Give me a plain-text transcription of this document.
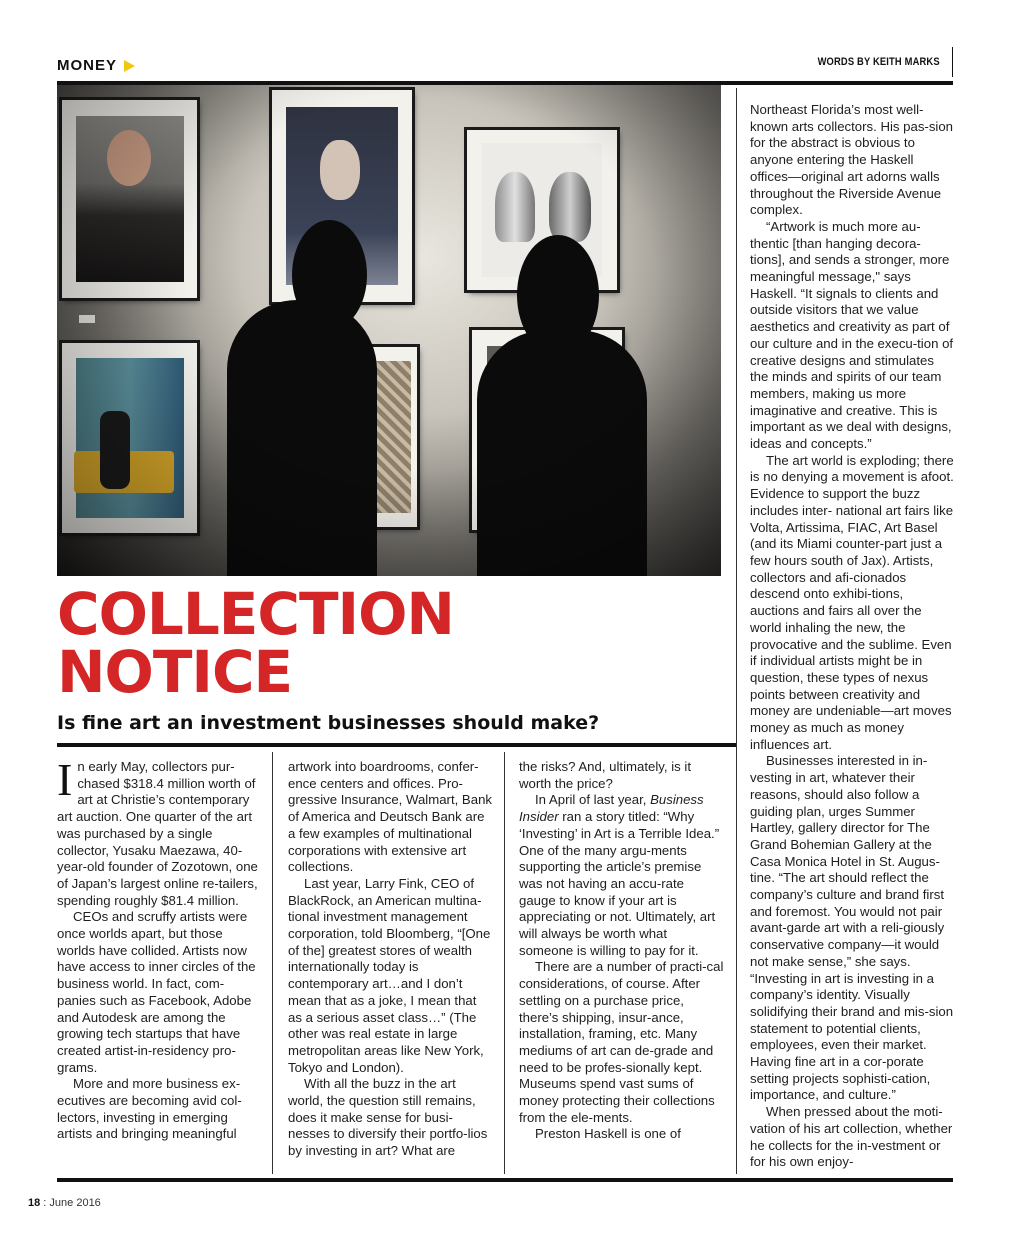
MONEY	WORDS BY KEITH MARKS
COLLECTION
NOTICE
Is fine art an investment businesses should make?

In early May, collectors pur-chased $318.4 million worth of art at Christie’s contemporary art auction. One quarter of the art was purchased by a single collector, Yusaku Maezawa, 40-year-old founder of Zozotown, one of Japan’s largest online re-tailers, spending roughly $81.4 million.

CEOs and scruffy artists were once worlds apart, but those worlds have collided. Artists now have access to inner circles of the business world. In fact, com-panies such as Facebook, Adobe and Autodesk are among the growing tech startups that have created artist-in-residency pro-grams.

More and more business ex-ecutives are becoming avid col-lectors, investing in emerging artists and bringing meaningful

artwork into boardrooms, confer-ence centers and offices. Pro-gressive Insurance, Walmart, Bank of America and Deutsch Bank are a few examples of multinational corporations with extensive art collections.

Last year, Larry Fink, CEO of BlackRock, an American multina-tional investment management corporation, told Bloomberg, “[One of the] greatest stores of wealth internationally today is contemporary art…and I don’t mean that as a joke, I mean that as a serious asset class…” (The other was real estate in large metropolitan areas like New York, Tokyo and London).

With all the buzz in the art world, the question still remains, does it make sense for busi-nesses to diversify their portfo-lios by investing in art? What are

the risks? And, ultimately, is it worth the price?

In April of last year, Business Insider ran a story titled: “Why ‘Investing’ in Art is a Terrible Idea.” One of the many argu-ments supporting the article’s premise was not having an accu-rate gauge to know if your art is appreciating or not. Ultimately, art will always be worth what someone is willing to pay for it.

There are a number of practi-cal considerations, of course. After settling on a purchase price, there’s shipping, insur-ance, installation, framing, etc. Many mediums of art can de-grade and need to be profes-sionally kept. Museums spend vast sums of money protecting their collections from the ele-ments.

Preston Haskell is one of

Northeast Florida’s most well-known arts collectors. His pas-sion for the abstract is obvious to anyone entering the Haskell offices—original art adorns walls throughout the Riverside Avenue complex.

“Artwork is much more au-thentic [than hanging decora-tions], and sends a stronger, more meaningful message," says Haskell. “It signals to clients and outside visitors that we value aesthetics and creativity as part of our culture and in the execu-tion of creative designs and stimulates the minds and spirits of our team members, making us more imaginative and creative. This is important as we deal with designs, ideas and concepts.”

The art world is exploding; there is no denying a movement is afoot. Evidence to support the buzz includes inter- national art fairs like Volta, Artissima, FIAC, Art Basel (and its Miami counter-part just a few hours south of Jax). Artists, collectors and afi-cionados descend onto exhibi-tions, auctions and fairs all over the world inhaling the new, the provocative and the sublime. Even if individual artists might be in question, these types of nexus points between creativity and money are undeniable—art moves money as much as money influences art.

Businesses interested in in-vesting in art, whatever their reasons, should also follow a guiding plan, urges Summer Hartley, gallery director for The Grand Bohemian Gallery at the Casa Monica Hotel in St. Augus-tine. “The art should reflect the company’s culture and brand first and foremost. You would not pair avant-garde art with a reli-giously conservative company—it would not make sense,” she says. “Investing in art is investing in a company’s identity. Visually solidifying their brand and mis-sion statement to potential clients, employees, even their market. Having fine art in a cor-porate setting projects sophisti-cation, importance, and culture.”

When pressed about the moti-vation of his art collection, whether he collects for the in-vestment or for his own enjoy-

18 : June 2016
